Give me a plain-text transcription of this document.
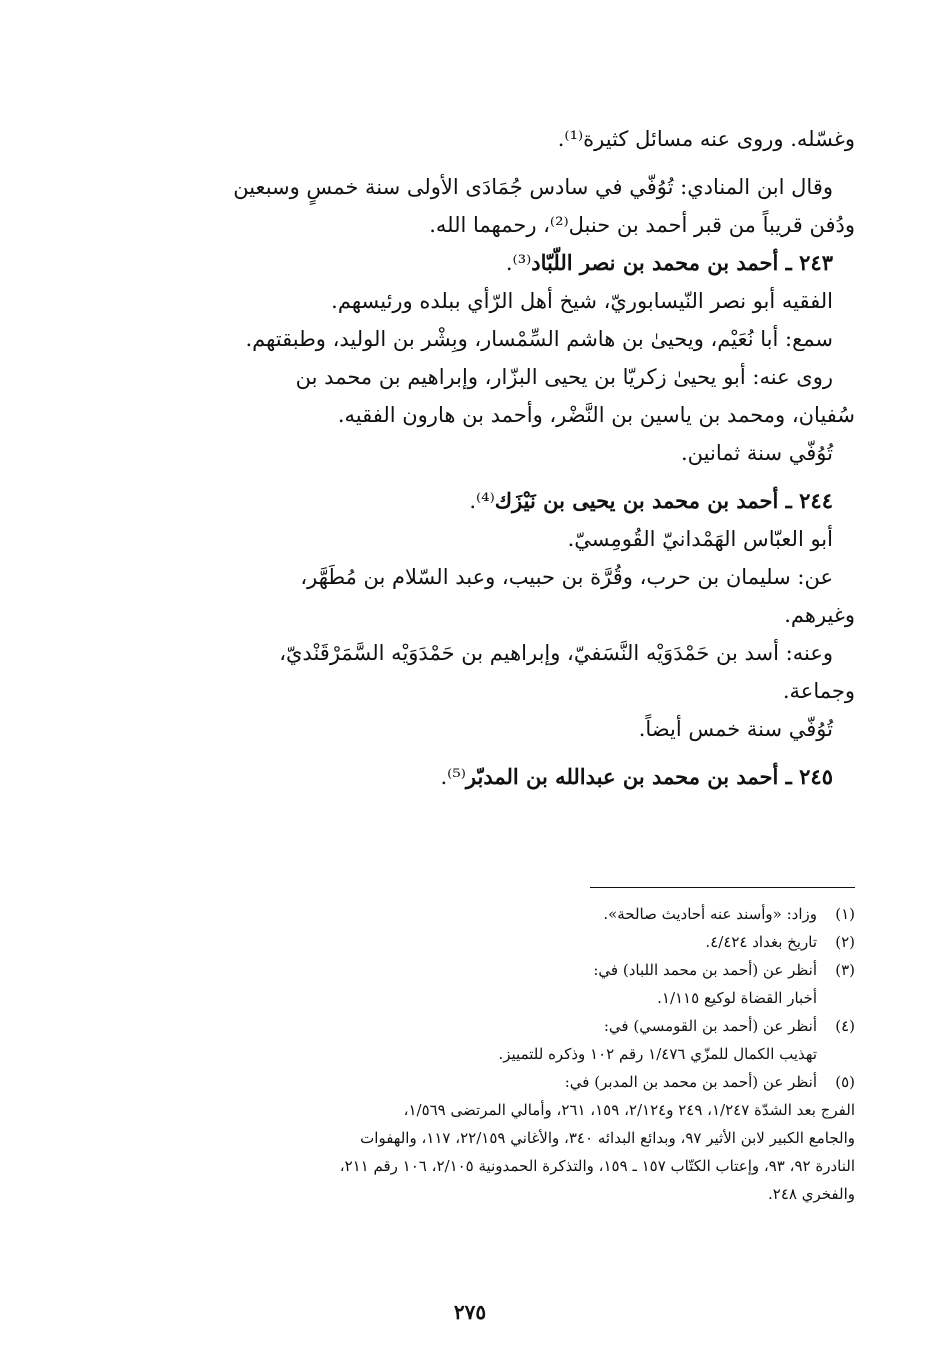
وغسّله. وروى عنه مسائل كثيرة⁽¹⁾.
وقال ابن المنادي: تُوُفّي في سادس جُمَادَى الأولى سنة خمسٍ وسبعين
ودُفن قريباً من قبر أحمد بن حنبل⁽²⁾، رحمهما الله.
٢٤٣ ـ أحمد بن محمد بن نصر اللّبّاد⁽³⁾.
الفقيه أبو نصر النّيسابوريّ، شيخ أهل الرّأي ببلده ورئيسهم.
سمع: أبا نُعَيْم، ويحيىٰ بن هاشم السِّمْسار، وبِشْر بن الوليد، وطبقتهم.
روى عنه: أبو يحيىٰ زكريّا بن يحيى البزّار، وإبراهيم بن محمد بن
سُفيان، ومحمد بن ياسين بن النَّضْر، وأحمد بن هارون الفقيه.
تُوُفّي سنة ثمانين.
٢٤٤ ـ أحمد بن محمد بن يحيى بن نَيْزَك⁽⁴⁾.
أبو العبّاس الهَمْدانيّ القُومِسيّ.
عن: سليمان بن حرب، وقُرَّة بن حبيب، وعبد السّلام بن مُطَهَّر،
وغيرهم.
وعنه: أسد بن حَمْدَوَيْه النَّسَفيّ، وإبراهيم بن حَمْدَوَيْه السَّمَرْقَنْديّ،
وجماعة.
تُوُفّي سنة خمس أيضاً.
٢٤٥ ـ أحمد بن محمد بن عبدالله بن المدبّر⁽⁵⁾.
(١)وزاد: «وأسند عنه أحاديث صالحة».
(٢)تاريخ بغداد ٤/٤٢٤.
(٣)أنظر عن (أحمد بن محمد اللباد) في:
أخبار القضاة لوكيع ١/١١٥.
(٤)أنظر عن (أحمد بن القومسي) في:
تهذيب الكمال للمزّي ١/٤٧٦ رقم ١٠٢ وذكره للتمييز.
(٥)أنظر عن (أحمد بن محمد بن المدبر) في:
الفرج بعد الشدّة ١/٢٤٧، ٢٤٩ و٢/١٢٤، ١٥٩، ٢٦١، وأمالي المرتضى ١/٥٦٩،
والجامع الكبير لابن الأثير ٩٧، وبدائع البدائه ٣٤٠، والأغاني ٢٢/١٥٩، ١١٧، والهفوات
النادرة ٩٢، ٩٣، وإعتاب الكتّاب ١٥٧ ـ ١٥٩، والتذكرة الحمدونية ٢/١٠٥، ١٠٦ رقم ٢١١،
والفخري ٢٤٨.
٢٧٥
